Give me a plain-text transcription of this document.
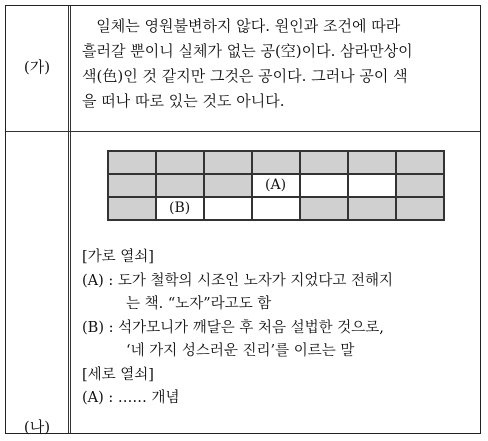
(가)
일체는 영원불변하지 않다. 원인과 조건에 따라
흘러갈 뿐이니 실체가 없는 공(空)이다. 삼라만상이
색(色)인 것 같지만 그것은 공이다. 그러나 공이 색
을 떠나 따로 있는 것도 아니다.
(나)
(A)
(B)
[가로 열쇠]
(A) : 도가 철학의 시조인 노자가 지었다고 전해지
는 책. “노자”라고도 함
(B) : 석가모니가 깨달은 후 처음 설법한 것으로,
‘네 가지 성스러운 진리’를 이르는 말
[세로 열쇠]
(A) : …… 개념
